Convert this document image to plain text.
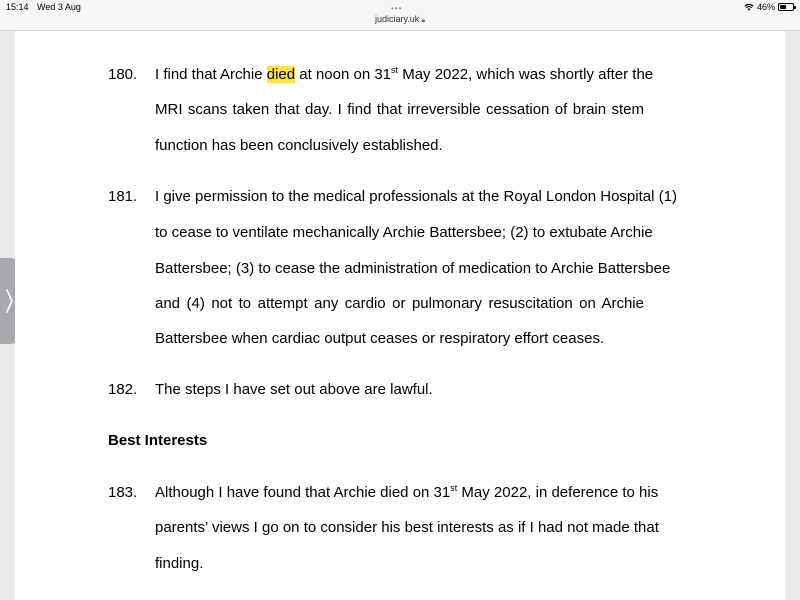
15:14 Wed 3 Aug	•••
judiciary.uk 🔒︎
46%
180. I find that Archie died at noon on 31st May 2022, which was shortly after the
MRI scans taken that day. I find that irreversible cessation of brain stem
function has been conclusively established.
181. I give permission to the medical professionals at the Royal London Hospital (1)
to cease to ventilate mechanically Archie Battersbee; (2) to extubate Archie
Battersbee; (3) to cease the administration of medication to Archie Battersbee
and (4) not to attempt any cardio or pulmonary resuscitation on Archie
Battersbee when cardiac output ceases or respiratory effort ceases.
182. The steps I have set out above are lawful.
Best Interests
183. Although I have found that Archie died on 31st May 2022, in deference to his
parents’ views I go on to consider his best interests as if I had not made that
finding.
